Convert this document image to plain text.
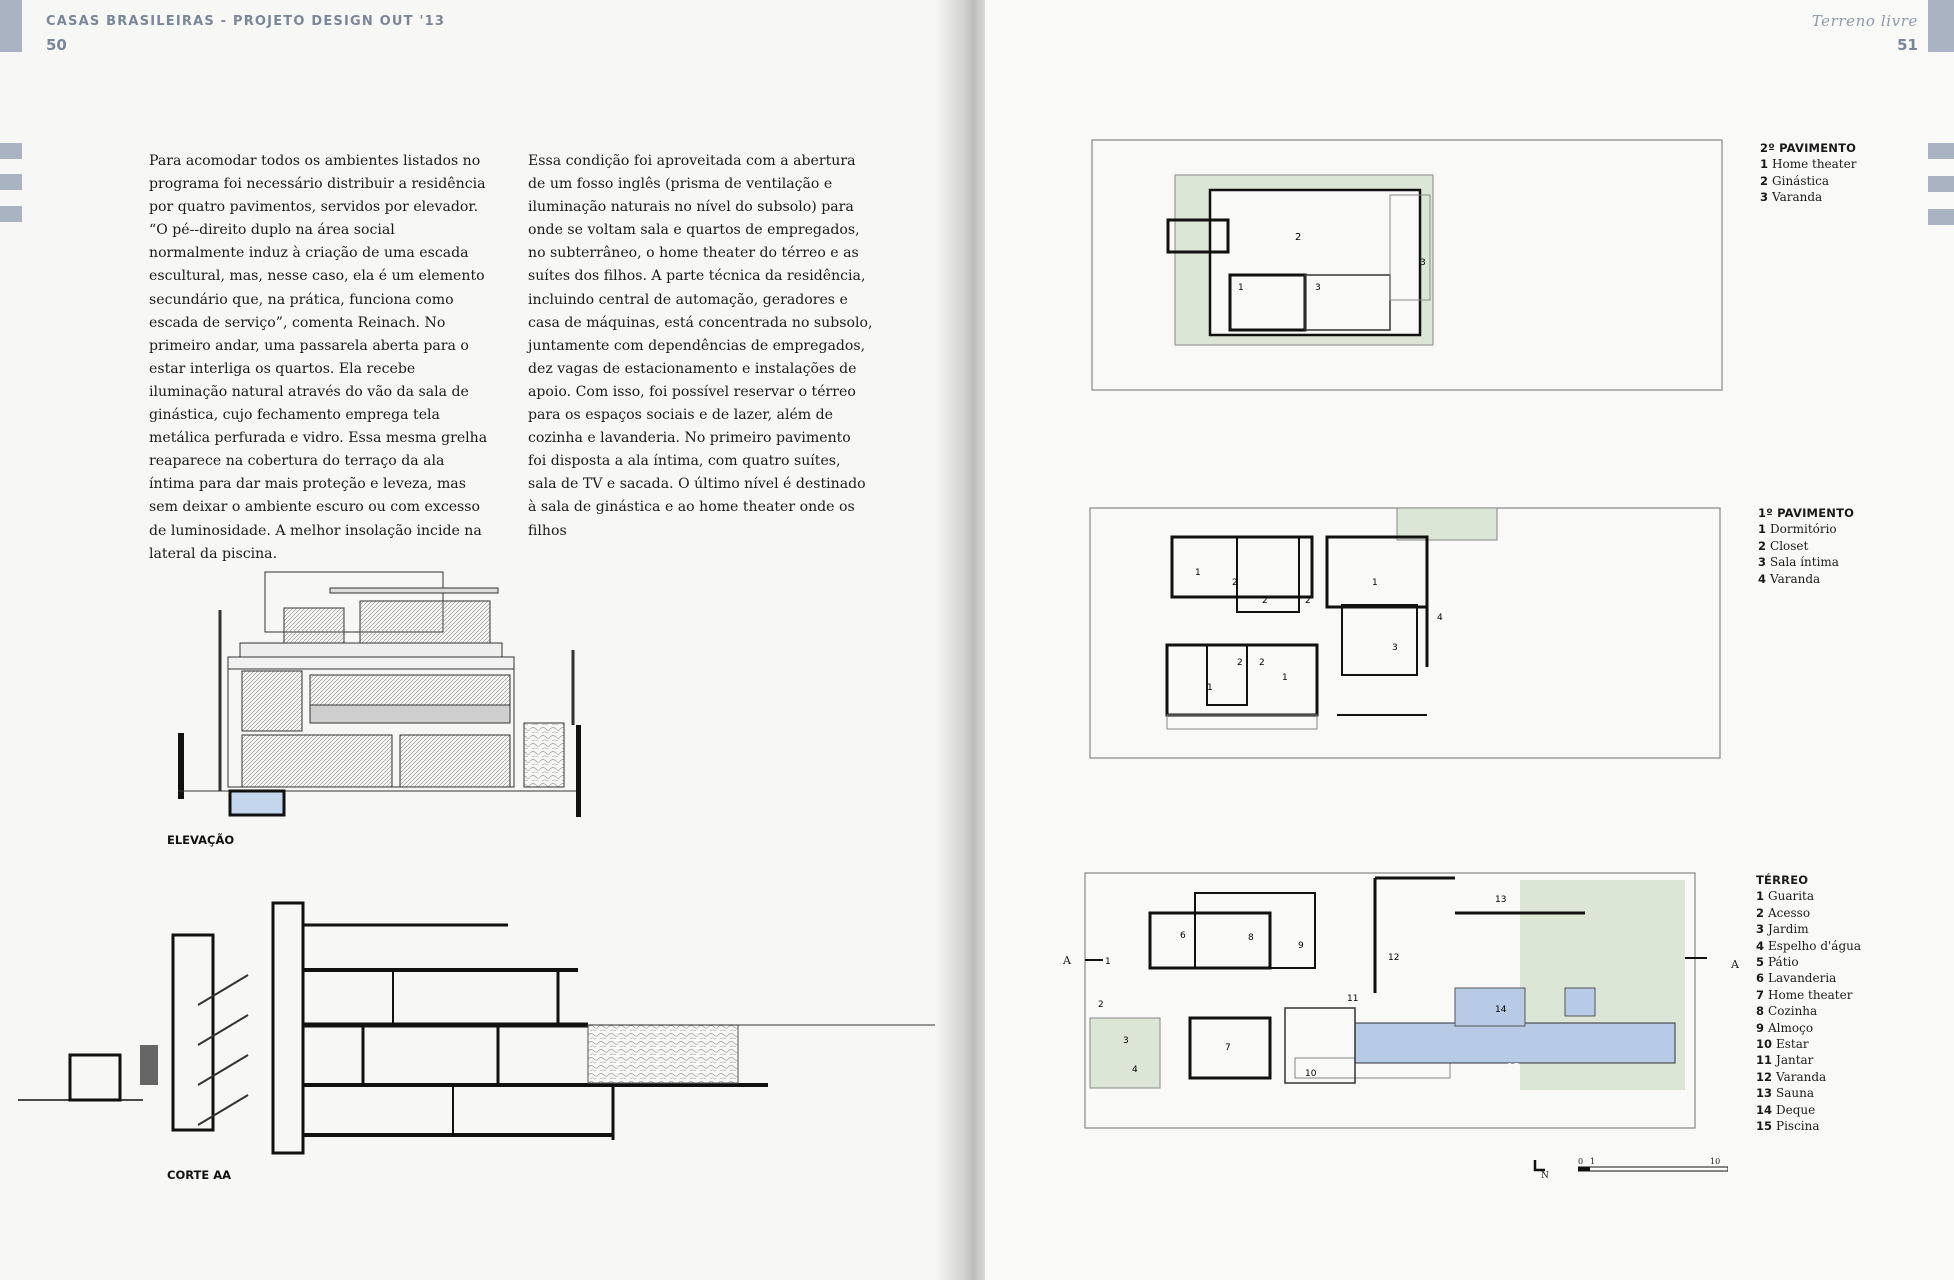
CASAS BRASILEIRAS - PROJETO DESIGN OUT '13
50

Para acomodar todos os ambientes listados no programa foi necessário distribuir a residência por quatro pavimentos, servidos por elevador. “O pé--direito duplo na área social normalmente induz à criação de uma escada escultural, mas, nesse caso, ela é um elemento secundário que, na prática, funciona como escada de serviço”, comenta Reinach. No primeiro andar, uma passarela aberta para o estar interliga os quartos. Ela recebe iluminação natural através do vão da sala de ginástica, cujo fechamento emprega tela metálica perfurada e vidro. Essa mesma grelha reaparece na cobertura do terraço da ala íntima para dar mais proteção e leveza, mas sem deixar o ambiente escuro ou com excesso de luminosidade. A melhor insolação incide na lateral da piscina.

Essa condição foi aproveitada com a abertura de um fosso inglês (prisma de ventilação e iluminação naturais no nível do subsolo) para onde se voltam sala e quartos de empregados, no subterrâneo, o home theater do térreo e as suítes dos filhos. A parte técnica da residência, incluindo central de automação, geradores e casa de máquinas, está concentrada no subsolo, juntamente com dependências de empregados, dez vagas de estacionamento e instalações de apoio. Com isso, foi possível reservar o térreo para os espaços sociais e de lazer, além de cozinha e lavanderia. No primeiro pavimento foi disposta a ala íntima, com quatro suítes, sala de TV e sacada. O último nível é destinado à sala de ginástica e ao home theater onde os filhos

ELEVAÇÃO
CORTE AA
Terreno livre
51
2
1	3
3
2º PAVIMENTO
1 Home theater
2 Ginástica
3 Varanda
1
2
2	2
1
3
4
1
2 2
1
1º PAVIMENTO
1 Dormitório
2 Closet
3 Sala íntima
4 Varanda
1
2
3
4
6
7
8
9
10
11
12
13
14
15
A	A
TÉRREO
1 Guarita
2 Acesso
3 Jardim
4 Espelho d'água
5 Pátio
6 Lavanderia
7 Home theater
8 Cozinha
9 Almoço
10 Estar
11 Jantar
12 Varanda
13 Sauna
14 Deque
15 Piscina
N
0 1	10
